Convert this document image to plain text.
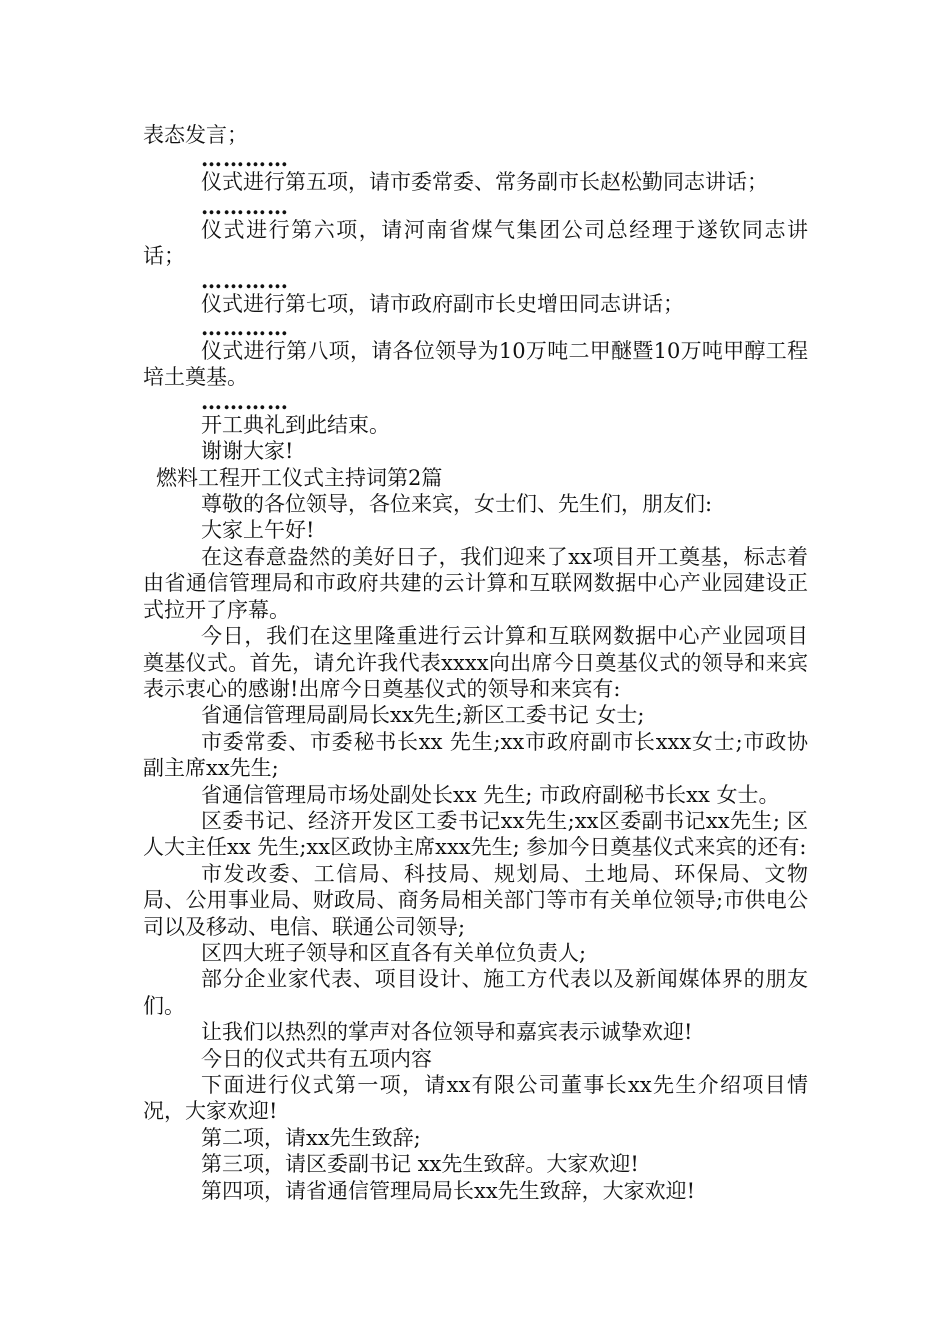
表态发言；

…………

仪式进行第五项，请市委常委、常务副市长赵松勤同志讲话；

…………

仪式进行第六项，请河南省煤气集团公司总经理于遂钦同志讲话；

…………

仪式进行第七项，请市政府副市长史增田同志讲话；

…………

仪式进行第八项，请各位领导为10万吨二甲醚暨10万吨甲醇工程培土奠基。

…………

开工典礼到此结束。

谢谢大家!

燃料工程开工仪式主持词第2篇

尊敬的各位领导，各位来宾，女士们、先生们，朋友们:

大家上午好!

在这春意盎然的美好日子，我们迎来了xx项目开工奠基，标志着由省通信管理局和市政府共建的云计算和互联网数据中心产业园建设正式拉开了序幕。

今日，我们在这里隆重进行云计算和互联网数据中心产业园项目奠基仪式。首先，请允许我代表xxxx向出席今日奠基仪式的领导和来宾表示衷心的感谢!出席今日奠基仪式的领导和来宾有:

省通信管理局副局长xx先生;新区工委书记 女士;

市委常委、市委秘书长xx 先生;xx市政府副市长xxx女士;市政协副主席xx先生;

省通信管理局市场处副处长xx 先生; 市政府副秘书长xx 女士。

区委书记、经济开发区工委书记xx先生;xx区委副书记xx先生; 区人大主任xx 先生;xx区政协主席xxx先生; 参加今日奠基仪式来宾的还有:

市发改委、工信局、科技局、规划局、土地局、环保局、文物局、公用事业局、财政局、商务局相关部门等市有关单位领导;市供电公司以及移动、电信、联通公司领导;

区四大班子领导和区直各有关单位负责人;

部分企业家代表、项目设计、施工方代表以及新闻媒体界的朋友们。

让我们以热烈的掌声对各位领导和嘉宾表示诚挚欢迎!

今日的仪式共有五项内容

下面进行仪式第一项，请xx有限公司董事长xx先生介绍项目情况，大家欢迎!

第二项，请xx先生致辞;

第三项，请区委副书记 xx先生致辞。大家欢迎!

第四项，请省通信管理局局长xx先生致辞，大家欢迎!
